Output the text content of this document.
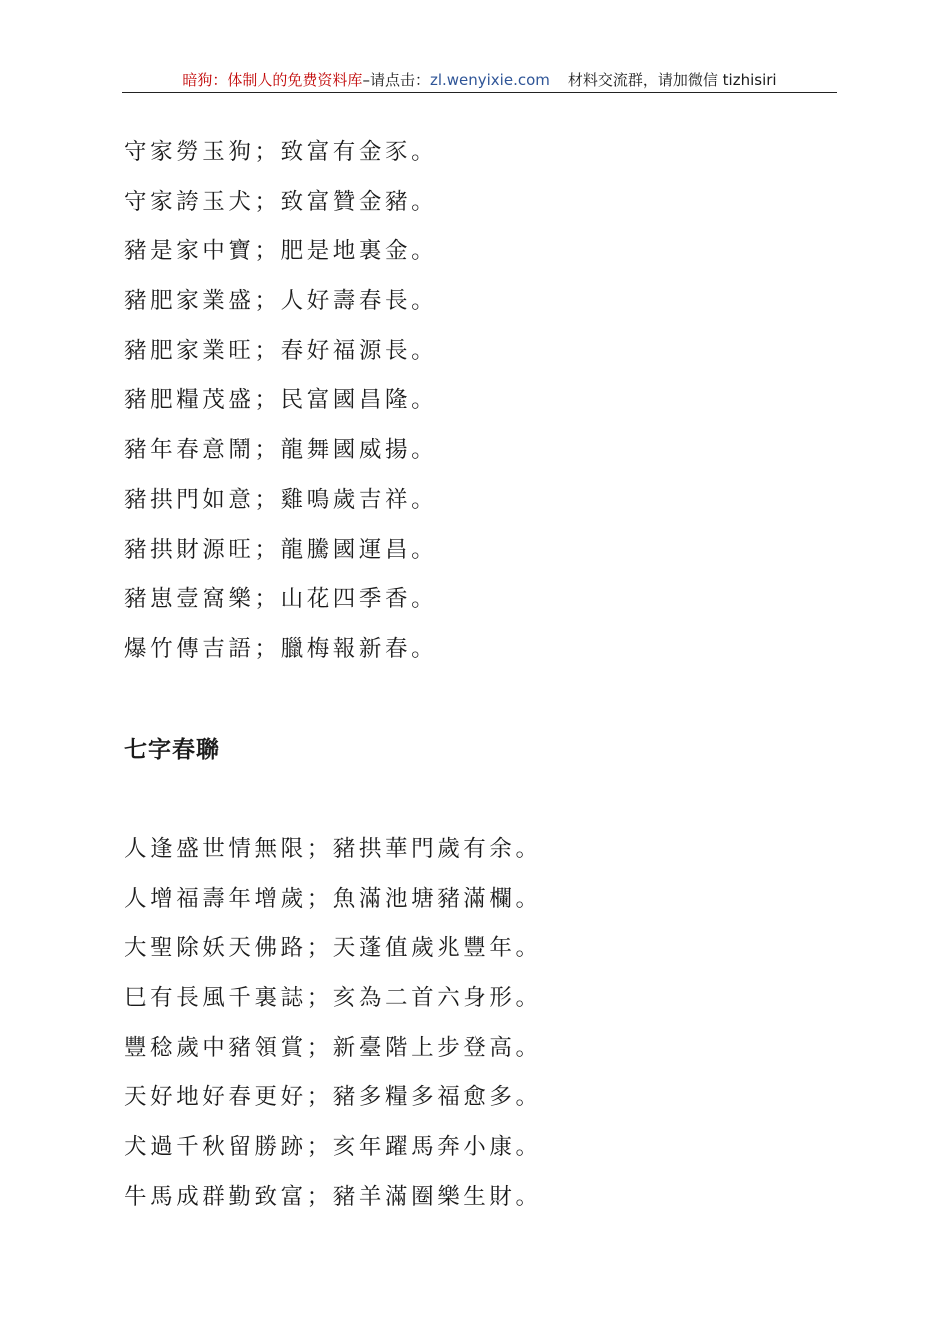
暗狗：体制人的免费资料库–请点击：zl.wenyixie.com 材料交流群，请加微信 tizhisiri
守家勞玉狗；致富有金豕。
守家誇玉犬；致富贊金豬。
豬是家中寶；肥是地裏金。
豬肥家業盛；人好壽春長。
豬肥家業旺；春好福源長。
豬肥糧茂盛；民富國昌隆。
豬年春意鬧；龍舞國威揚。
豬拱門如意；雞鳴歲吉祥。
豬拱財源旺；龍騰國運昌。
豬崽壹窩樂；山花四季香。
爆竹傳吉語；臘梅報新春。
七字春聯
人逢盛世情無限；豬拱華門歲有余。
人增福壽年增歲；魚滿池塘豬滿欄。
大聖除妖天佛路；天蓬值歲兆豐年。
巳有長風千裏誌；亥為二首六身形。
豐稔歲中豬領賞；新臺階上步登高。
天好地好春更好；豬多糧多福愈多。
犬過千秋留勝跡；亥年躍馬奔小康。
牛馬成群勤致富；豬羊滿圈樂生財。
